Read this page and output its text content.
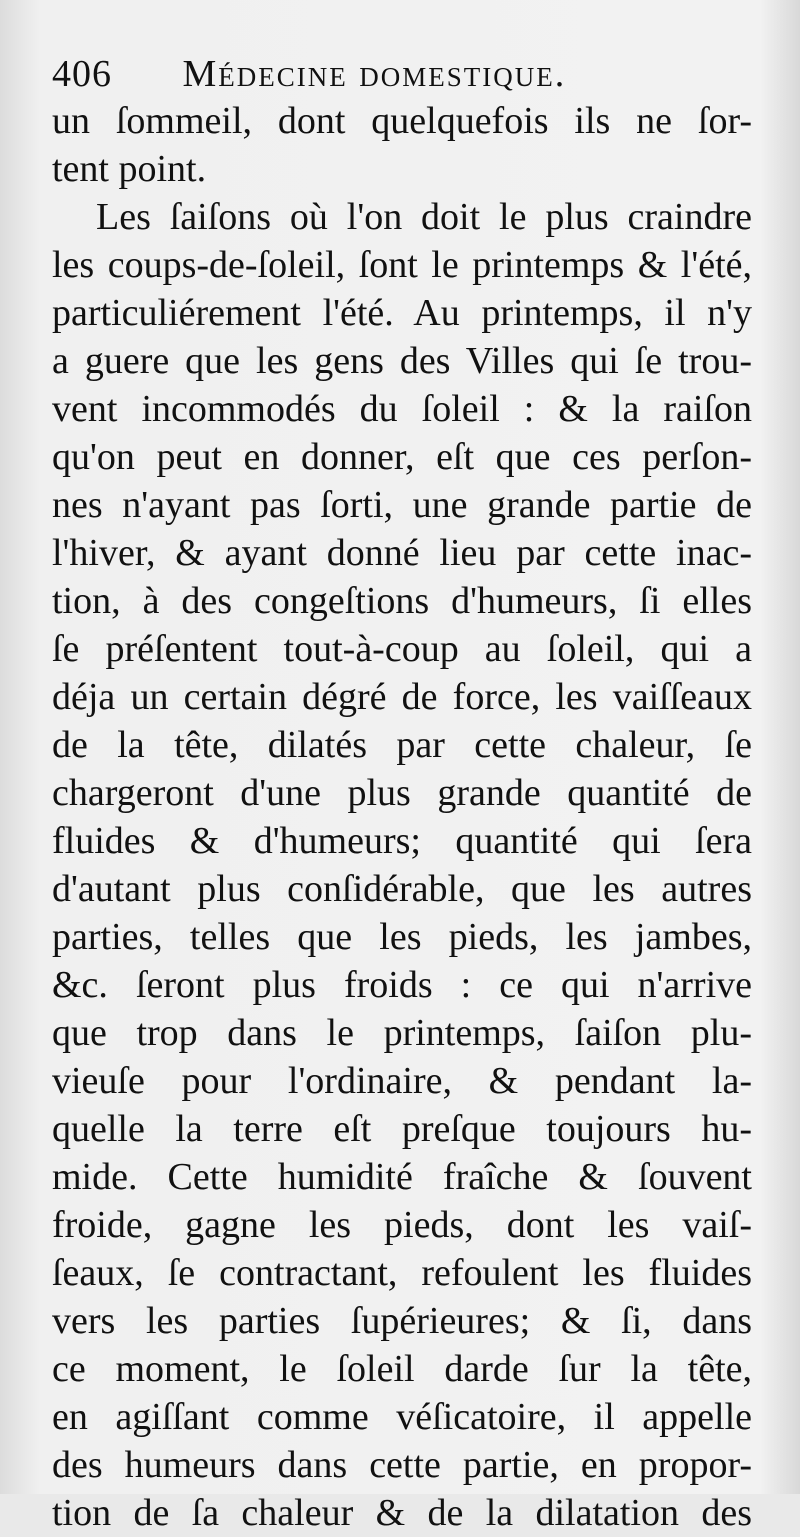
406 Médecine domestique.
un ſommeil, dont quelquefois ils ne ſor-
tent point.
Les ſaiſons où l'on doit le plus craindre
les coups-de-ſoleil, ſont le printemps & l'été,
particuliérement l'été. Au printemps, il n'y
a guere que les gens des Villes qui ſe trou-
vent incommodés du ſoleil : & la raiſon
qu'on peut en donner, eſt que ces perſon-
nes n'ayant pas ſorti, une grande partie de
l'hiver, & ayant donné lieu par cette inac-
tion, à des congeſtions d'humeurs, ſi elles
ſe préſentent tout-à-coup au ſoleil, qui a
déja un certain dégré de force, les vaiſſeaux
de la tête, dilatés par cette chaleur, ſe
chargeront d'une plus grande quantité de
fluides & d'humeurs; quantité qui ſera
d'autant plus conſidérable, que les autres
parties, telles que les pieds, les jambes,
&c. ſeront plus froids : ce qui n'arrive
que trop dans le printemps, ſaiſon plu-
vieuſe pour l'ordinaire, & pendant la-
quelle la terre eſt preſque toujours hu-
mide. Cette humidité fraîche & ſouvent
froide, gagne les pieds, dont les vaiſ-
ſeaux, ſe contractant, refoulent les fluides
vers les parties ſupérieures; & ſi, dans
ce moment, le ſoleil darde ſur la tête,
en agiſſant comme véſicatoire, il appelle
des humeurs dans cette partie, en propor-
tion de ſa chaleur & de la dilatation des
